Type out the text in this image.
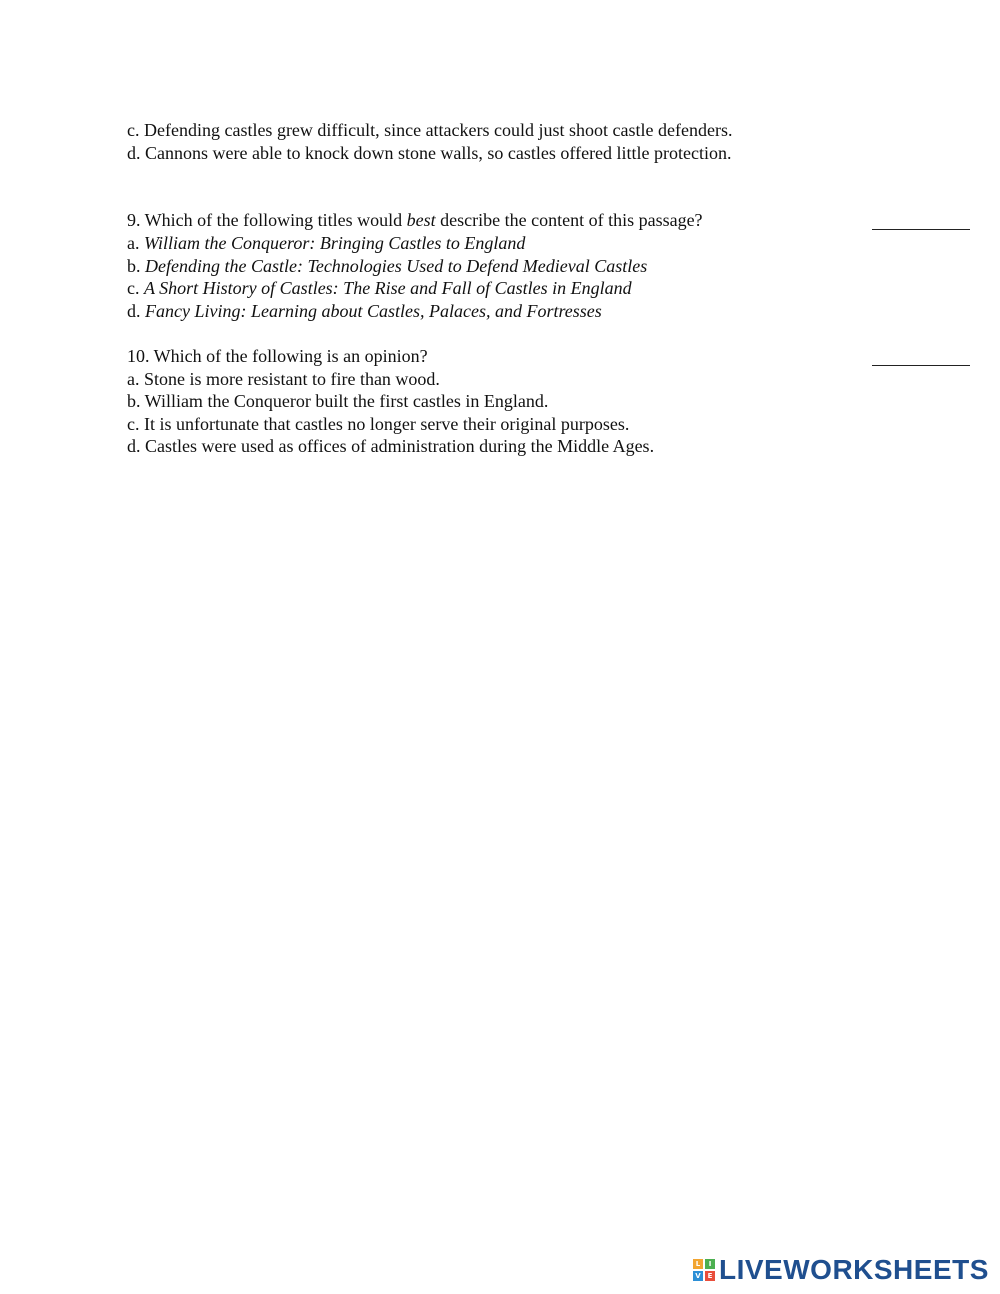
c. Defending castles grew difficult, since attackers could just shoot castle defenders.
d. Cannons were able to knock down stone walls, so castles offered little protection.
9. Which of the following titles would best describe the content of this passage?
a. William the Conqueror: Bringing Castles to England
b. Defending the Castle: Technologies Used to Defend Medieval Castles
c. A Short History of Castles: The Rise and Fall of Castles in England
d. Fancy Living: Learning about Castles, Palaces, and Fortresses
10. Which of the following is an opinion?
a. Stone is more resistant to fire than wood.
b. William the Conqueror built the first castles in England.
c. It is unfortunate that castles no longer serve their original purposes.
d. Castles were used as offices of administration during the Middle Ages.
L	I
V E LIVEWORKSHEETS
